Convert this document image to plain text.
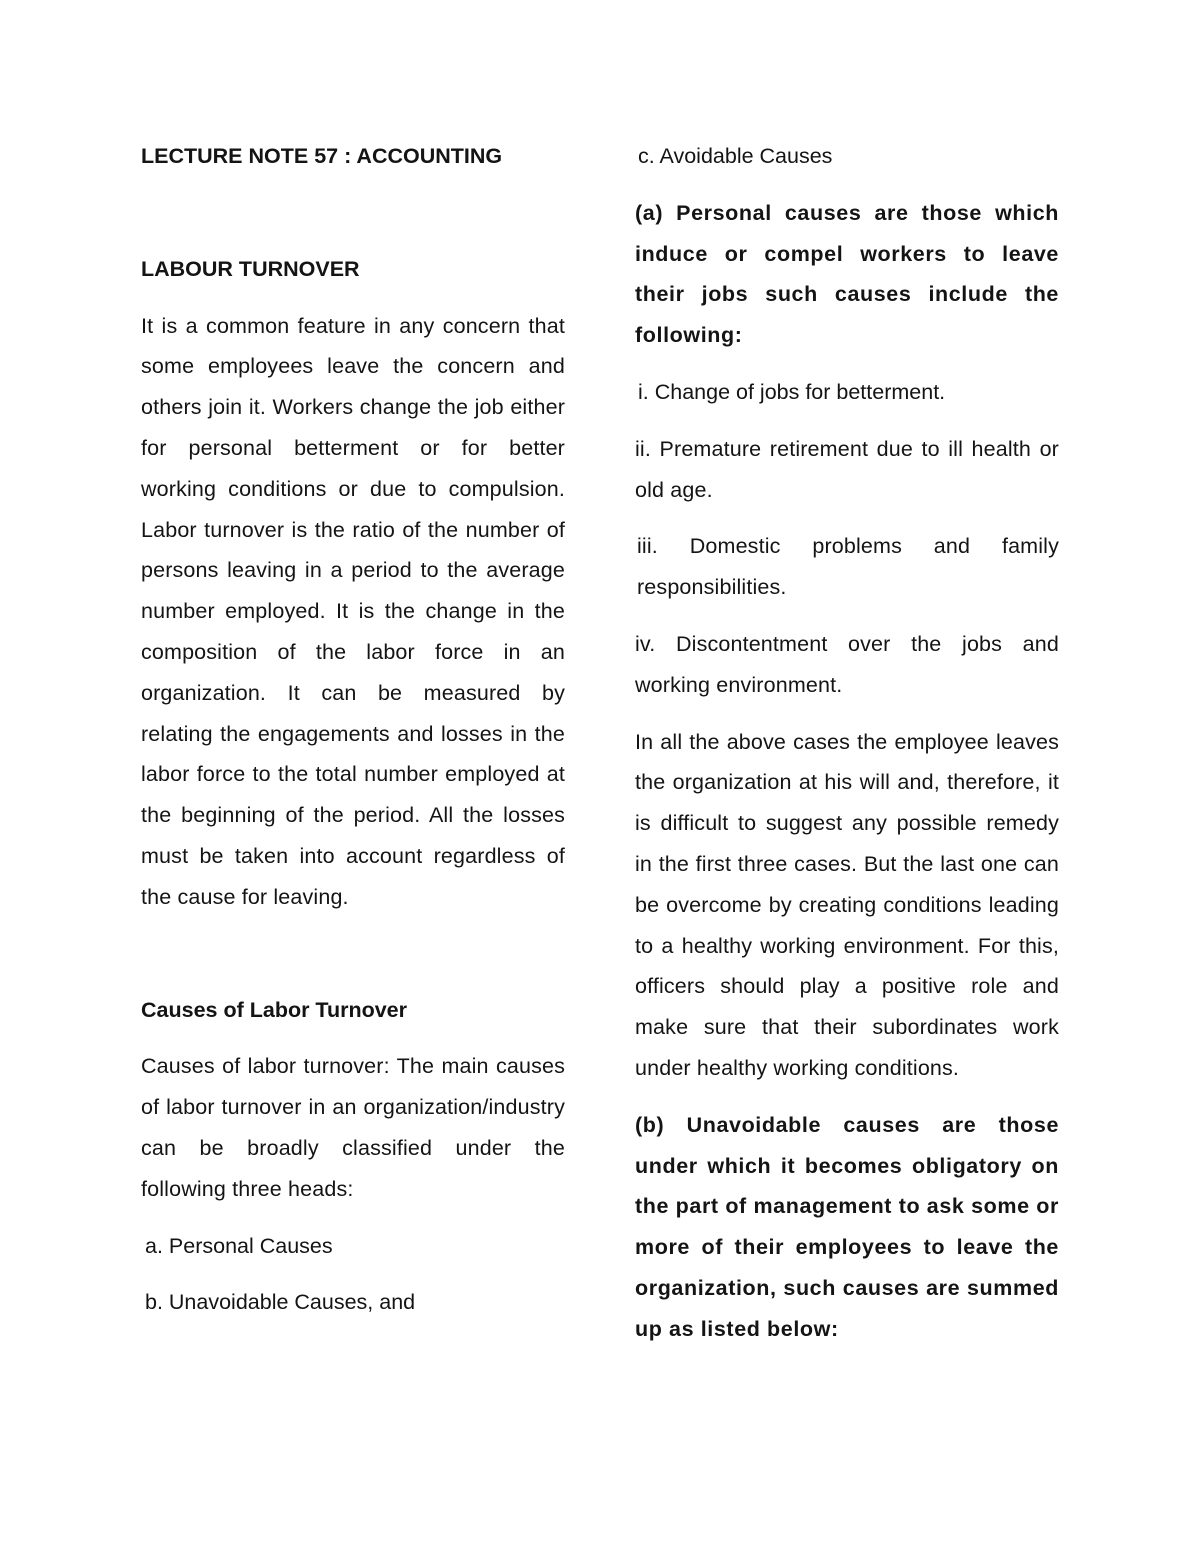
LECTURE NOTE 57 : ACCOUNTING

LABOUR TURNOVER

It is a common feature in any concern that some employees leave the concern and others join it. Workers change the job either for personal betterment or for better working conditions or due to compulsion. Labor turnover is the ratio of the number of persons leaving in a period to the average number employed. It is the change in the composition of the labor force in an organization. It can be measured by relating the engagements and losses in the labor force to the total number employed at the beginning of the period. All the losses must be taken into account regardless of the cause for leaving.

Causes of Labor Turnover

Causes of labor turnover: The main causes of labor turnover in an organization/industry can be broadly classified under the following three heads:

a. Personal Causes

b. Unavoidable Causes, and

c. Avoidable Causes

(a) Personal causes are those which induce or compel workers to leave their jobs such causes include the following:

i. Change of jobs for betterment.

ii. Premature retirement due to ill health or old age.

iii. Domestic problems and family responsibilities.

iv. Discontentment over the jobs and working environment.

In all the above cases the employee leaves the organization at his will and, therefore, it is difficult to suggest any possible remedy in the first three cases. But the last one can be overcome by creating conditions leading to a healthy working environment. For this, officers should play a positive role and make sure that their subordinates work under healthy working conditions.

(b) Unavoidable causes are those under which it becomes obligatory on the part of management to ask some or more of their employees to leave the organization, such causes are summed up as listed below:
